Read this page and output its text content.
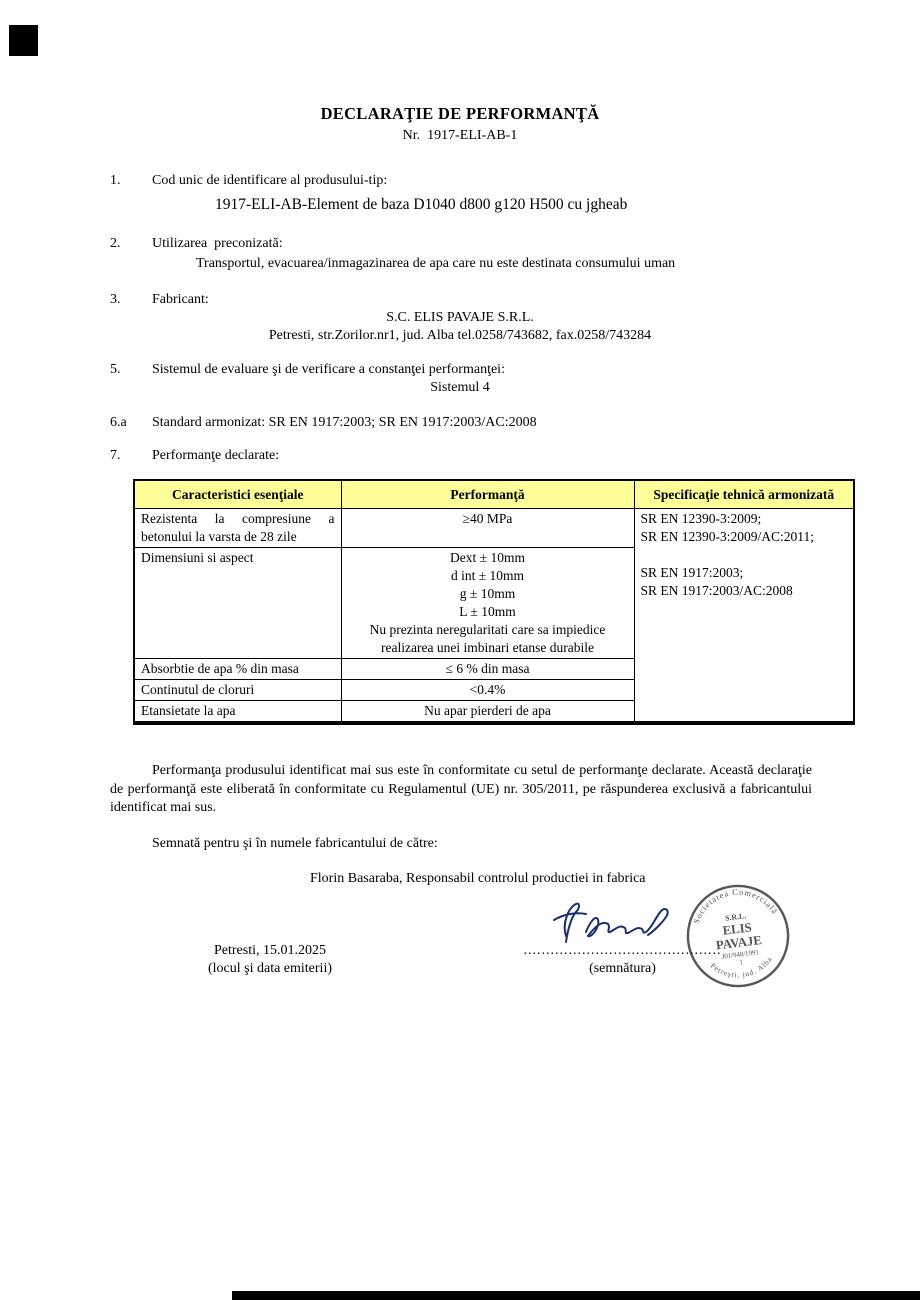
DECLARAŢIE DE PERFORMANŢĂ
Nr.  1917-ELI-AB-1
1.	Cod unic de identificare al produsului-tip:
1917-ELI-AB-Element de baza D1040 d800 g120 H500 cu jgheab
2.	Utilizarea  preconizată:
Transportul, evacuarea/inmagazinarea de apa care nu este destinata consumului uman
3.	Fabricant:
S.C. ELIS PAVAJE S.R.L.
Petresti, str.Zorilor.nr1, jud. Alba tel.0258/743682, fax.0258/743284
5.	Sistemul de evaluare şi de verificare a constanţei performanţei:
Sistemul 4
6.a	Standard armonizat: SR EN 1917:2003; SR EN 1917:2003/AC:2008
7.	Performanţe declarate:
Caracteristici esenţiale	Performanţă	Specificaţie tehnică armonizată
Rezistenta la compresiune a betonului la varsta de 28 zile	≥40 MPa	SR EN 12390-3:2009;
SR EN 12390-3:2009/AC:2011;
SR EN 1917:2003;
SR EN 1917:2003/AC:2008

Dimensiuni si aspect	Dext ± 10mm
d int ± 10mm
g ± 10mm
L ± 10mm
Nu prezinta neregularitati care sa impiedice
realizarea unei imbinari etanse durabile

Absorbtie de apa % din masa	≤ 6 % din masa	
Continutul de cloruri	<0.4%	
Etansietate la apa	Nu apar pierderi de apa	
Performanţa produsului identificat mai sus este în conformitate cu setul de performanţe declarate. Această declaraţie de performanţă este eliberată în conformitate cu Regulamentul (UE) nr. 305/2011, pe răspunderea exclusivă a fabricantului identificat mai sus.
Semnată pentru şi în numele fabricantului de către:
Florin Basaraba, Responsabil controlul productiei in fabrica
Societatea Comercială
Petreşti, jud. Alba
S.R.L.
ELIS
PAVAJE
J01/948/1991
1
Petresti, 15.01.2025
(locul şi data emiterii)
............................................
(semnătura)
